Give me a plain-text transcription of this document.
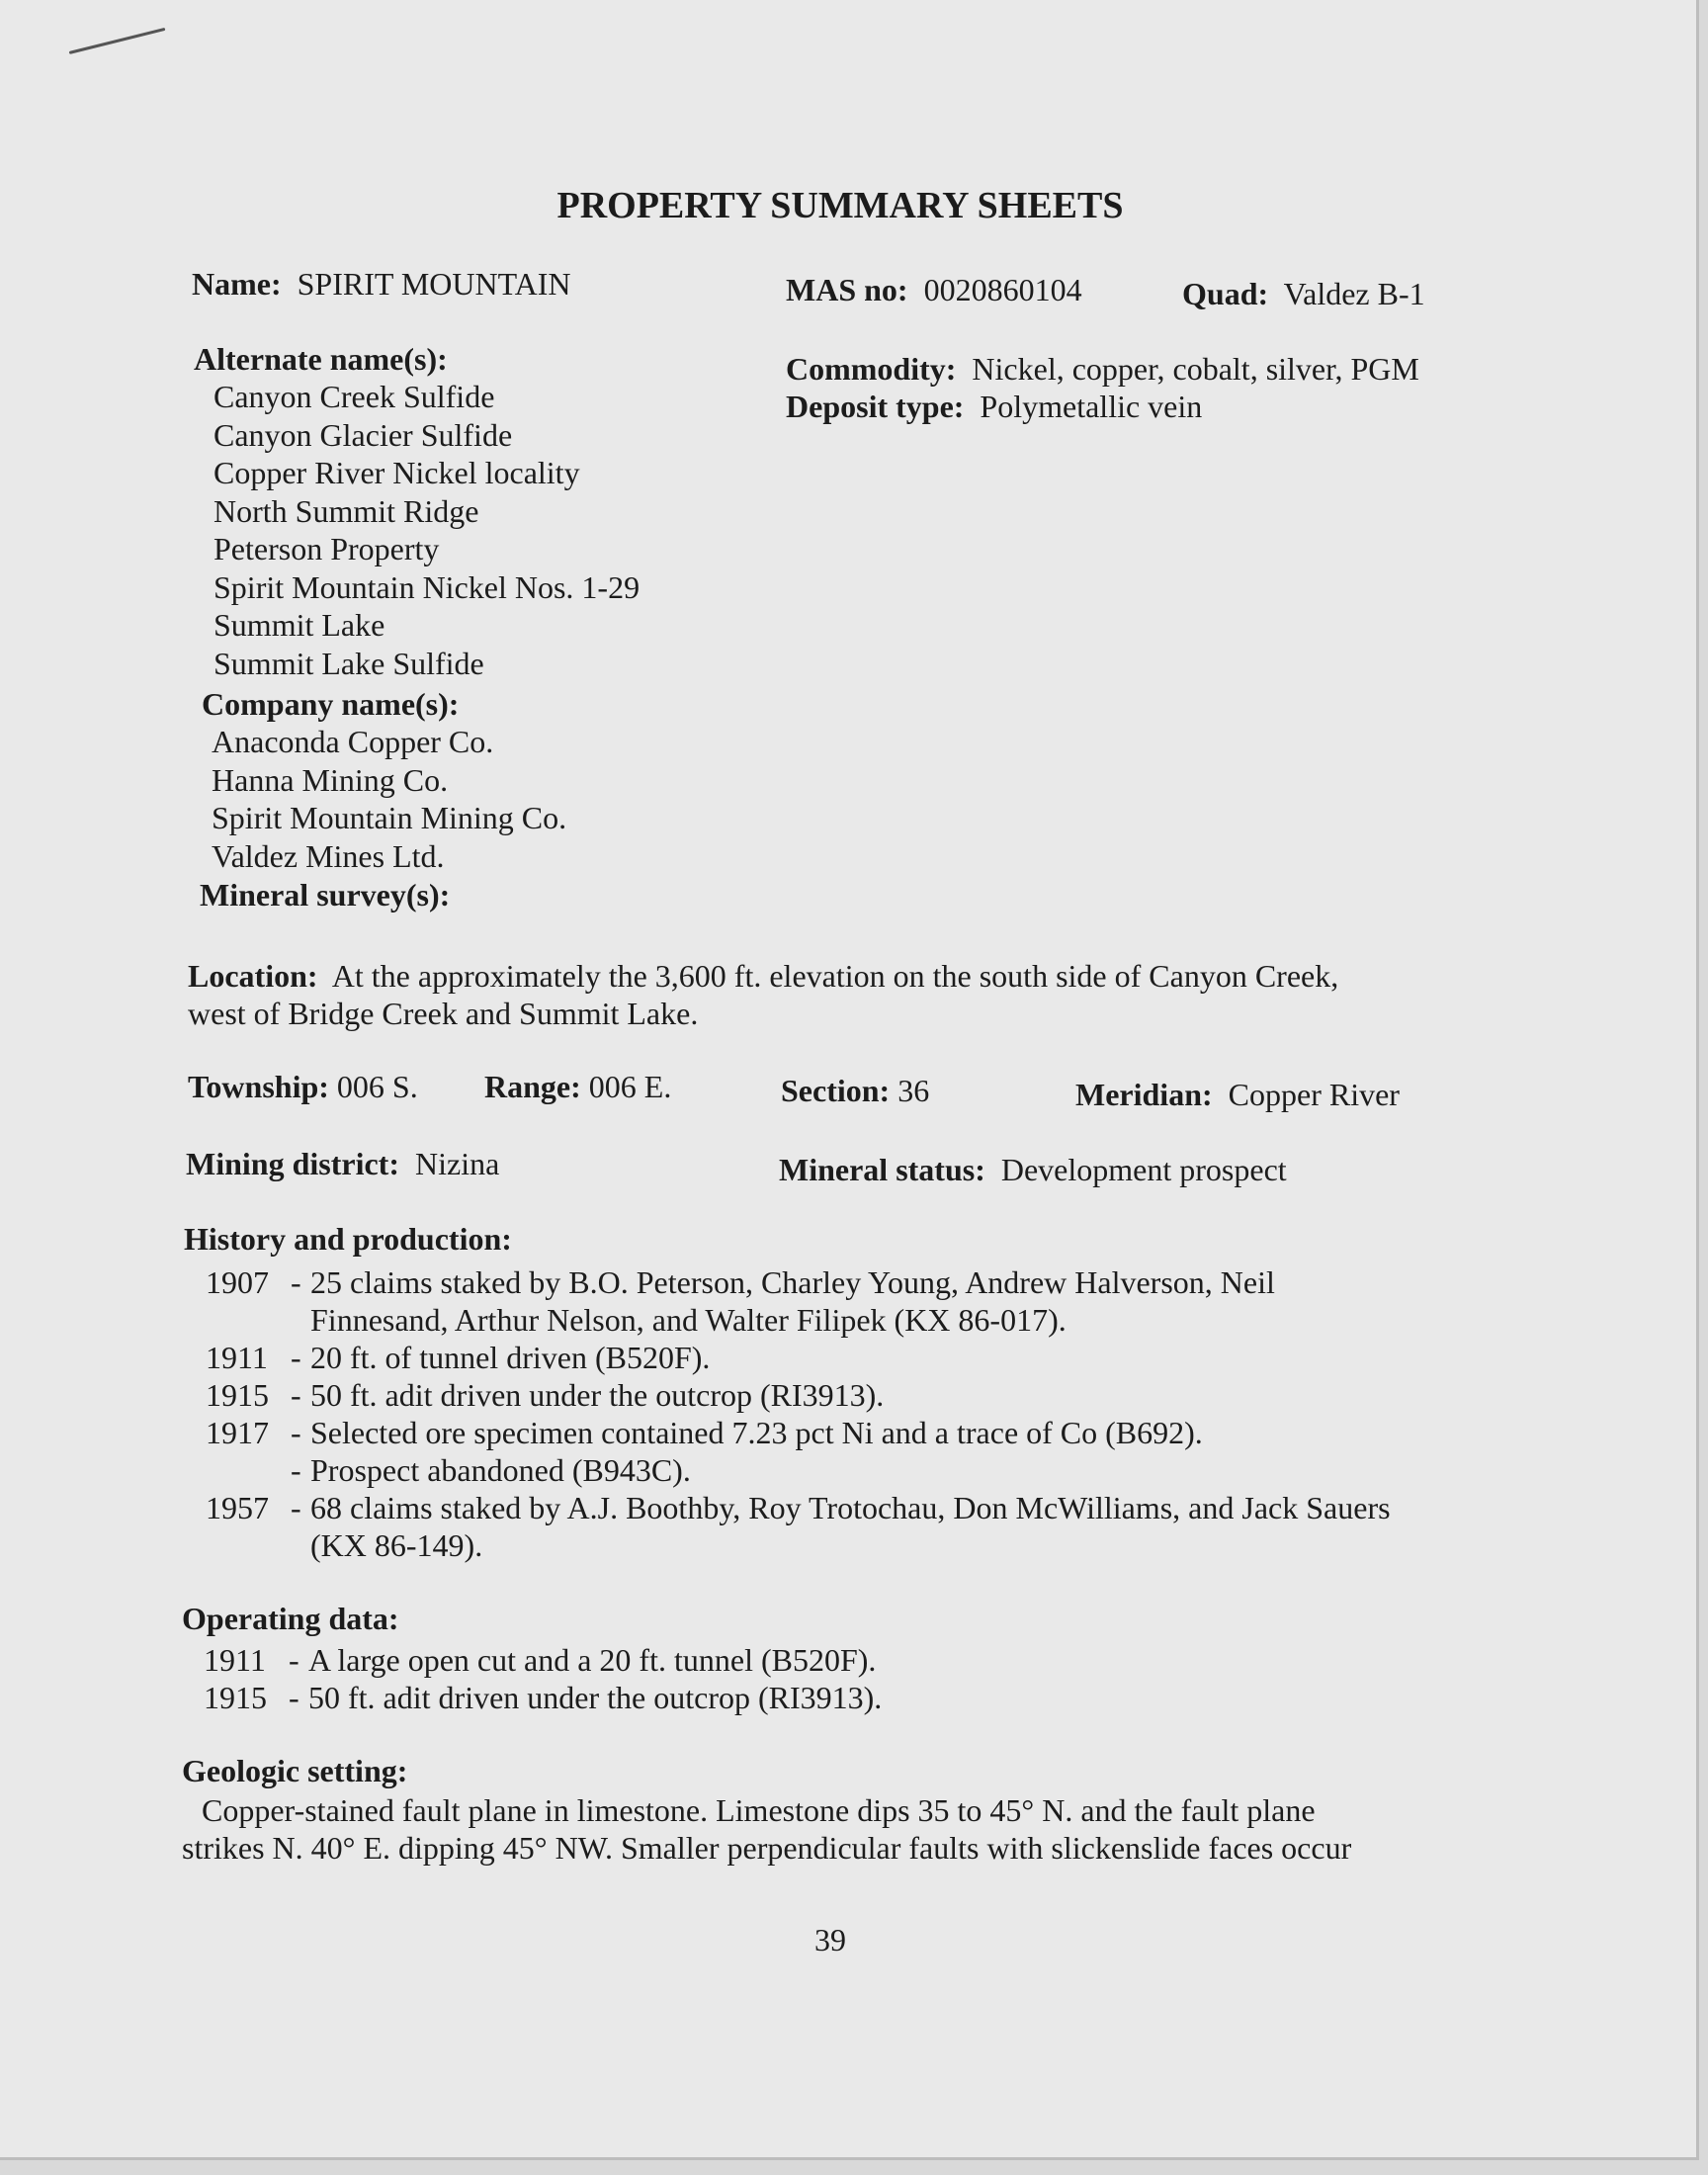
PROPERTY SUMMARY SHEETS
Name: SPIRIT MOUNTAIN	MAS no: 0020860104	Quad: Valdez B-1
Alternate name(s):
Canyon Creek Sulfide
Canyon Glacier Sulfide
Copper River Nickel locality
North Summit Ridge
Peterson Property
Spirit Mountain Nickel Nos. 1-29
Summit Lake
Summit Lake Sulfide
Company name(s):
Anaconda Copper Co.
Hanna Mining Co.
Spirit Mountain Mining Co.
Valdez Mines Ltd.
Mineral survey(s):
Commodity: Nickel, copper, cobalt, silver, PGM
Deposit type: Polymetallic vein
Location: At the approximately the 3,600 ft. elevation on the south side of Canyon Creek,
west of Bridge Creek and Summit Lake.
Township: 006 S. Range: 006 E.	Section: 36	Meridian: Copper River
Mining district: Nizina	Mineral status: Development prospect
History and production:
1907 - 25 claims staked by B.O. Peterson, Charley Young, Andrew Halverson, Neil
Finnesand, Arthur Nelson, and Walter Filipek (KX 86-017).
1911 - 20 ft. of tunnel driven (B520F).
1915 - 50 ft. adit driven under the outcrop (RI3913).
1917 - Selected ore specimen contained 7.23 pct Ni and a trace of Co (B692).
- Prospect abandoned (B943C).
1957 - 68 claims staked by A.J. Boothby, Roy Trotochau, Don McWilliams, and Jack Sauers
(KX 86-149).
Operating data:
1911 - A large open cut and a 20 ft. tunnel (B520F).
1915 - 50 ft. adit driven under the outcrop (RI3913).
Geologic setting:
Copper-stained fault plane in limestone. Limestone dips 35 to 45° N. and the fault plane
strikes N. 40° E. dipping 45° NW. Smaller perpendicular faults with slickenslide faces occur
39
